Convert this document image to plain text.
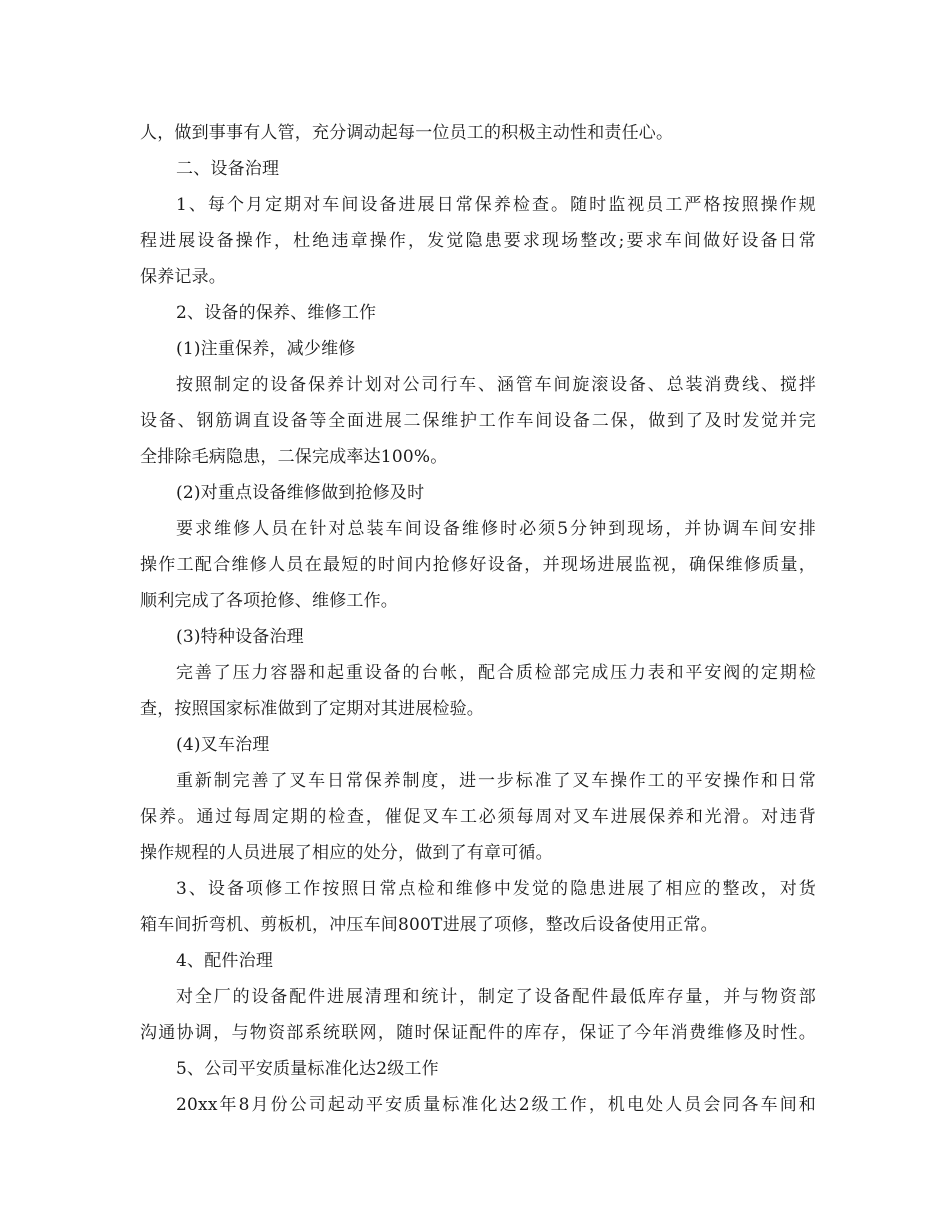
人，做到事事有人管，充分调动起每一位员工的积极主动性和责任心。
二、设备治理
1、每个月定期对车间设备进展日常保养检查。随时监视员工严格按照操作规
程进展设备操作，杜绝违章操作，发觉隐患要求现场整改;要求车间做好设备日常
保养记录。
2、设备的保养、维修工作
(1)注重保养，减少维修
按照制定的设备保养计划对公司行车、涵管车间旋滚设备、总装消费线、搅拌
设备、钢筋调直设备等全面进展二保维护工作车间设备二保，做到了及时发觉并完
全排除毛病隐患，二保完成率达100%。
(2)对重点设备维修做到抢修及时
要求维修人员在针对总装车间设备维修时必须5分钟到现场，并协调车间安排
操作工配合维修人员在最短的时间内抢修好设备，并现场进展监视，确保维修质量，
顺利完成了各项抢修、维修工作。
(3)特种设备治理
完善了压力容器和起重设备的台帐，配合质检部完成压力表和平安阀的定期检
查，按照国家标准做到了定期对其进展检验。
(4)叉车治理
重新制完善了叉车日常保养制度，进一步标准了叉车操作工的平安操作和日常
保养。通过每周定期的检查，催促叉车工必须每周对叉车进展保养和光滑。对违背
操作规程的人员进展了相应的处分，做到了有章可循。
3、设备项修工作按照日常点检和维修中发觉的隐患进展了相应的整改，对货
箱车间折弯机、剪板机，冲压车间800T进展了项修，整改后设备使用正常。
4、配件治理
对全厂的设备配件进展清理和统计，制定了设备配件最低库存量，并与物资部
沟通协调，与物资部系统联网，随时保证配件的库存，保证了今年消费维修及时性。
5、公司平安质量标准化达2级工作
20xx年8月份公司起动平安质量标准化达2级工作，机电处人员会同各车间和
